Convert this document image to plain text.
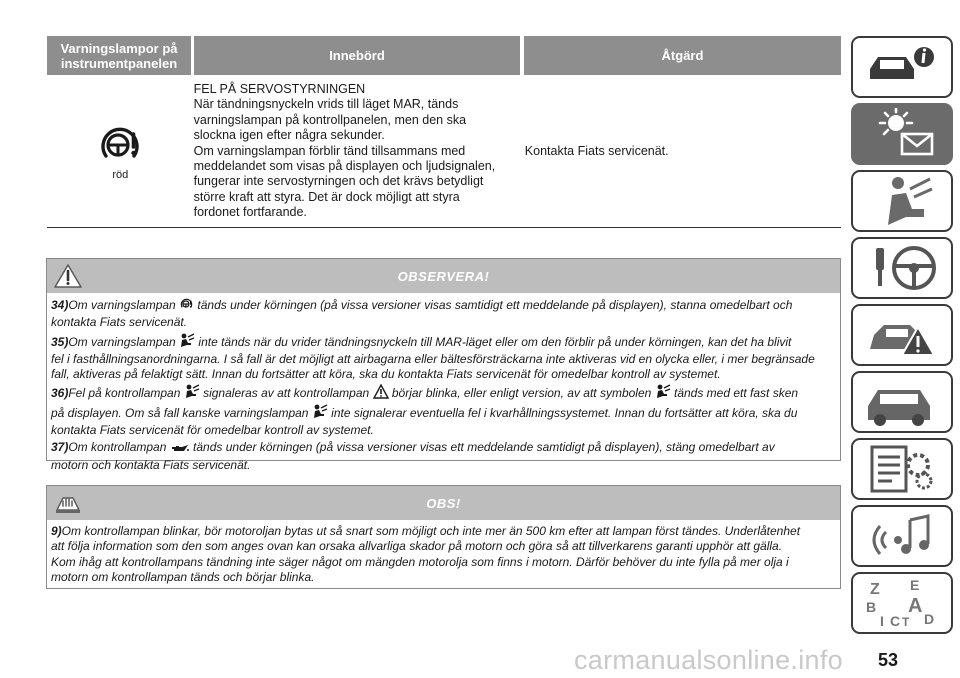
Varningslampor på instrumentpanelen	Innebörd	Åtgärd
röd
FEL PÅ SERVOSTYRNINGEN
När tändningsnyckeln vrids till läget MAR, tänds
varningslampan på kontrollpanelen, men den ska
slockna igen efter några sekunder.
Om varningslampan förblir tänd tillsammans med
meddelandet som visas på displayen och ljudsignalen,
fungerar inte servostyrningen och det krävs betydligt
större kraft att styra. Det är dock möjligt att styra
fordonet fortfarande.
Kontakta Fiats servicenät.
OBSERVERA!
34)Om varningslampan  tänds under körningen (på vissa versioner visas samtidigt ett meddelande på displayen), stanna omedelbart och
kontakta Fiats servicenät.
35)Om varningslampan  inte tänds när du vrider tändningsnyckeln till MAR-läget eller om den förblir på under körningen, kan det ha blivit
fel i fasthållningsanordningarna. I så fall är det möjligt att airbagarna eller bältesförsträckarna inte aktiveras vid en olycka eller, i mer begränsade
fall, aktiveras på felaktigt sätt. Innan du fortsätter att köra, ska du kontakta Fiats servicenät för omedelbar kontroll av systemet.
36)Fel på kontrollampan  signaleras av att kontrollampan  börjar blinka, eller enligt version, av att symbolen  tänds med ett fast sken
på displayen. Om så fall kanske varningslampan  inte signalerar eventuella fel i kvarhållningssystemet. Innan du fortsätter att köra, ska du
kontakta Fiats servicenät för omedelbar kontroll av systemet.
37)Om kontrollampan  tänds under körningen (på vissa versioner visas ett meddelande samtidigt på displayen), stäng omedelbart av
motorn och kontakta Fiats servicenät.
OBS!
9)Om kontrollampan blinkar, bör motoroljan bytas ut så snart som möjligt och inte mer än 500 km efter att lampan först tändes. Underlåtenhet
att följa information som den som anges ovan kan orsaka allvarliga skador på motorn och göra så att tillverkarens garanti upphör att gälla.
Kom ihåg att kontrollampans tändning inte säger något om mängden motorolja som finns i motorn. Därför behöver du inte fylla på mer olja i
motorn om kontrollampan tänds och börjar blinka.
Z E
B A
C D
I T
carmanualsonline.info 53
